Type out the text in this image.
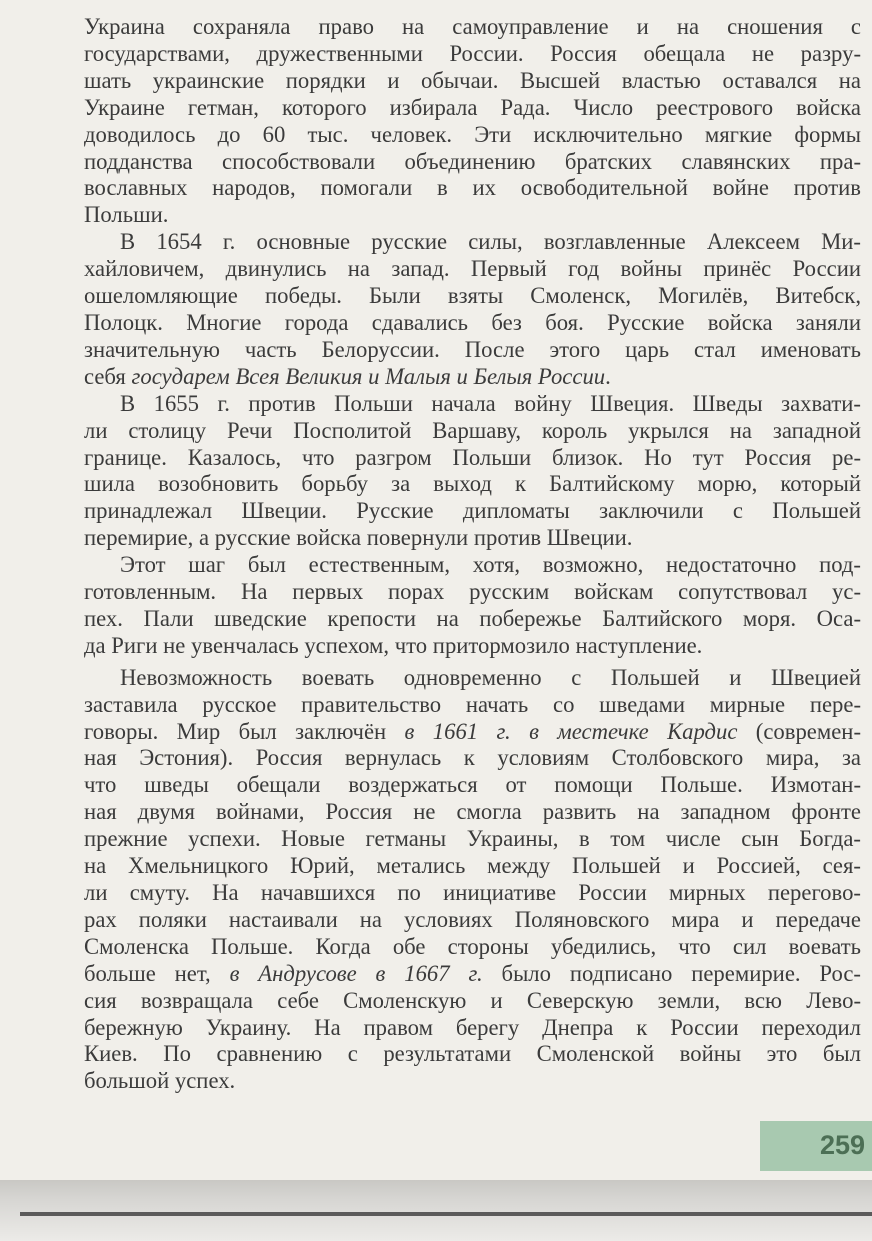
Украина сохраняла право на самоуправление и на сношения с
государствами, дружественными России. Россия обещала не разру-
шать украинские порядки и обычаи. Высшей властью оставался на
Украине гетман, которого избирала Рада. Число реестрового войска
доводилось до 60 тыс. человек. Эти исключительно мягкие формы
подданства способствовали объединению братских славянских пра-
вославных народов, помогали в их освободительной войне против
Польши.
В 1654 г. основные русские силы, возглавленные Алексеем Ми-
хайловичем, двинулись на запад. Первый год войны принёс России
ошеломляющие победы. Были взяты Смоленск, Могилёв, Витебск,
Полоцк. Многие города сдавались без боя. Русские войска заняли
значительную часть Белоруссии. После этого царь стал именовать
себя государем Всея Великия и Малыя и Белыя России.
В 1655 г. против Польши начала войну Швеция. Шведы захвати-
ли столицу Речи Посполитой Варшаву, король укрылся на западной
границе. Казалось, что разгром Польши близок. Но тут Россия ре-
шила возобновить борьбу за выход к Балтийскому морю, который
принадлежал Швеции. Русские дипломаты заключили с Польшей
перемирие, а русские войска повернули против Швеции.
Этот шаг был естественным, хотя, возможно, недостаточно под-
готовленным. На первых порах русским войскам сопутствовал ус-
пех. Пали шведские крепости на побережье Балтийского моря. Оса-
да Риги не увенчалась успехом, что притормозило наступление.
Невозможность воевать одновременно с Польшей и Швецией
заставила русское правительство начать со шведами мирные пере-
говоры. Мир был заключён в 1661 г. в местечке Кардис (современ-
ная Эстония). Россия вернулась к условиям Столбовского мира, за
что шведы обещали воздержаться от помощи Польше. Измотан-
ная двумя войнами, Россия не смогла развить на западном фронте
прежние успехи. Новые гетманы Украины, в том числе сын Богда-
на Хмельницкого Юрий, метались между Польшей и Россией, сея-
ли смуту. На начавшихся по инициативе России мирных перегово-
рах поляки настаивали на условиях Поляновского мира и передаче
Смоленска Польше. Когда обе стороны убедились, что сил воевать
больше нет, в Андрусове в 1667 г. было подписано перемирие. Рос-
сия возвращала себе Смоленскую и Северскую земли, всю Лево-
бережную Украину. На правом берегу Днепра к России переходил
Киев. По сравнению с результатами Смоленской войны это был
большой успех.
259
